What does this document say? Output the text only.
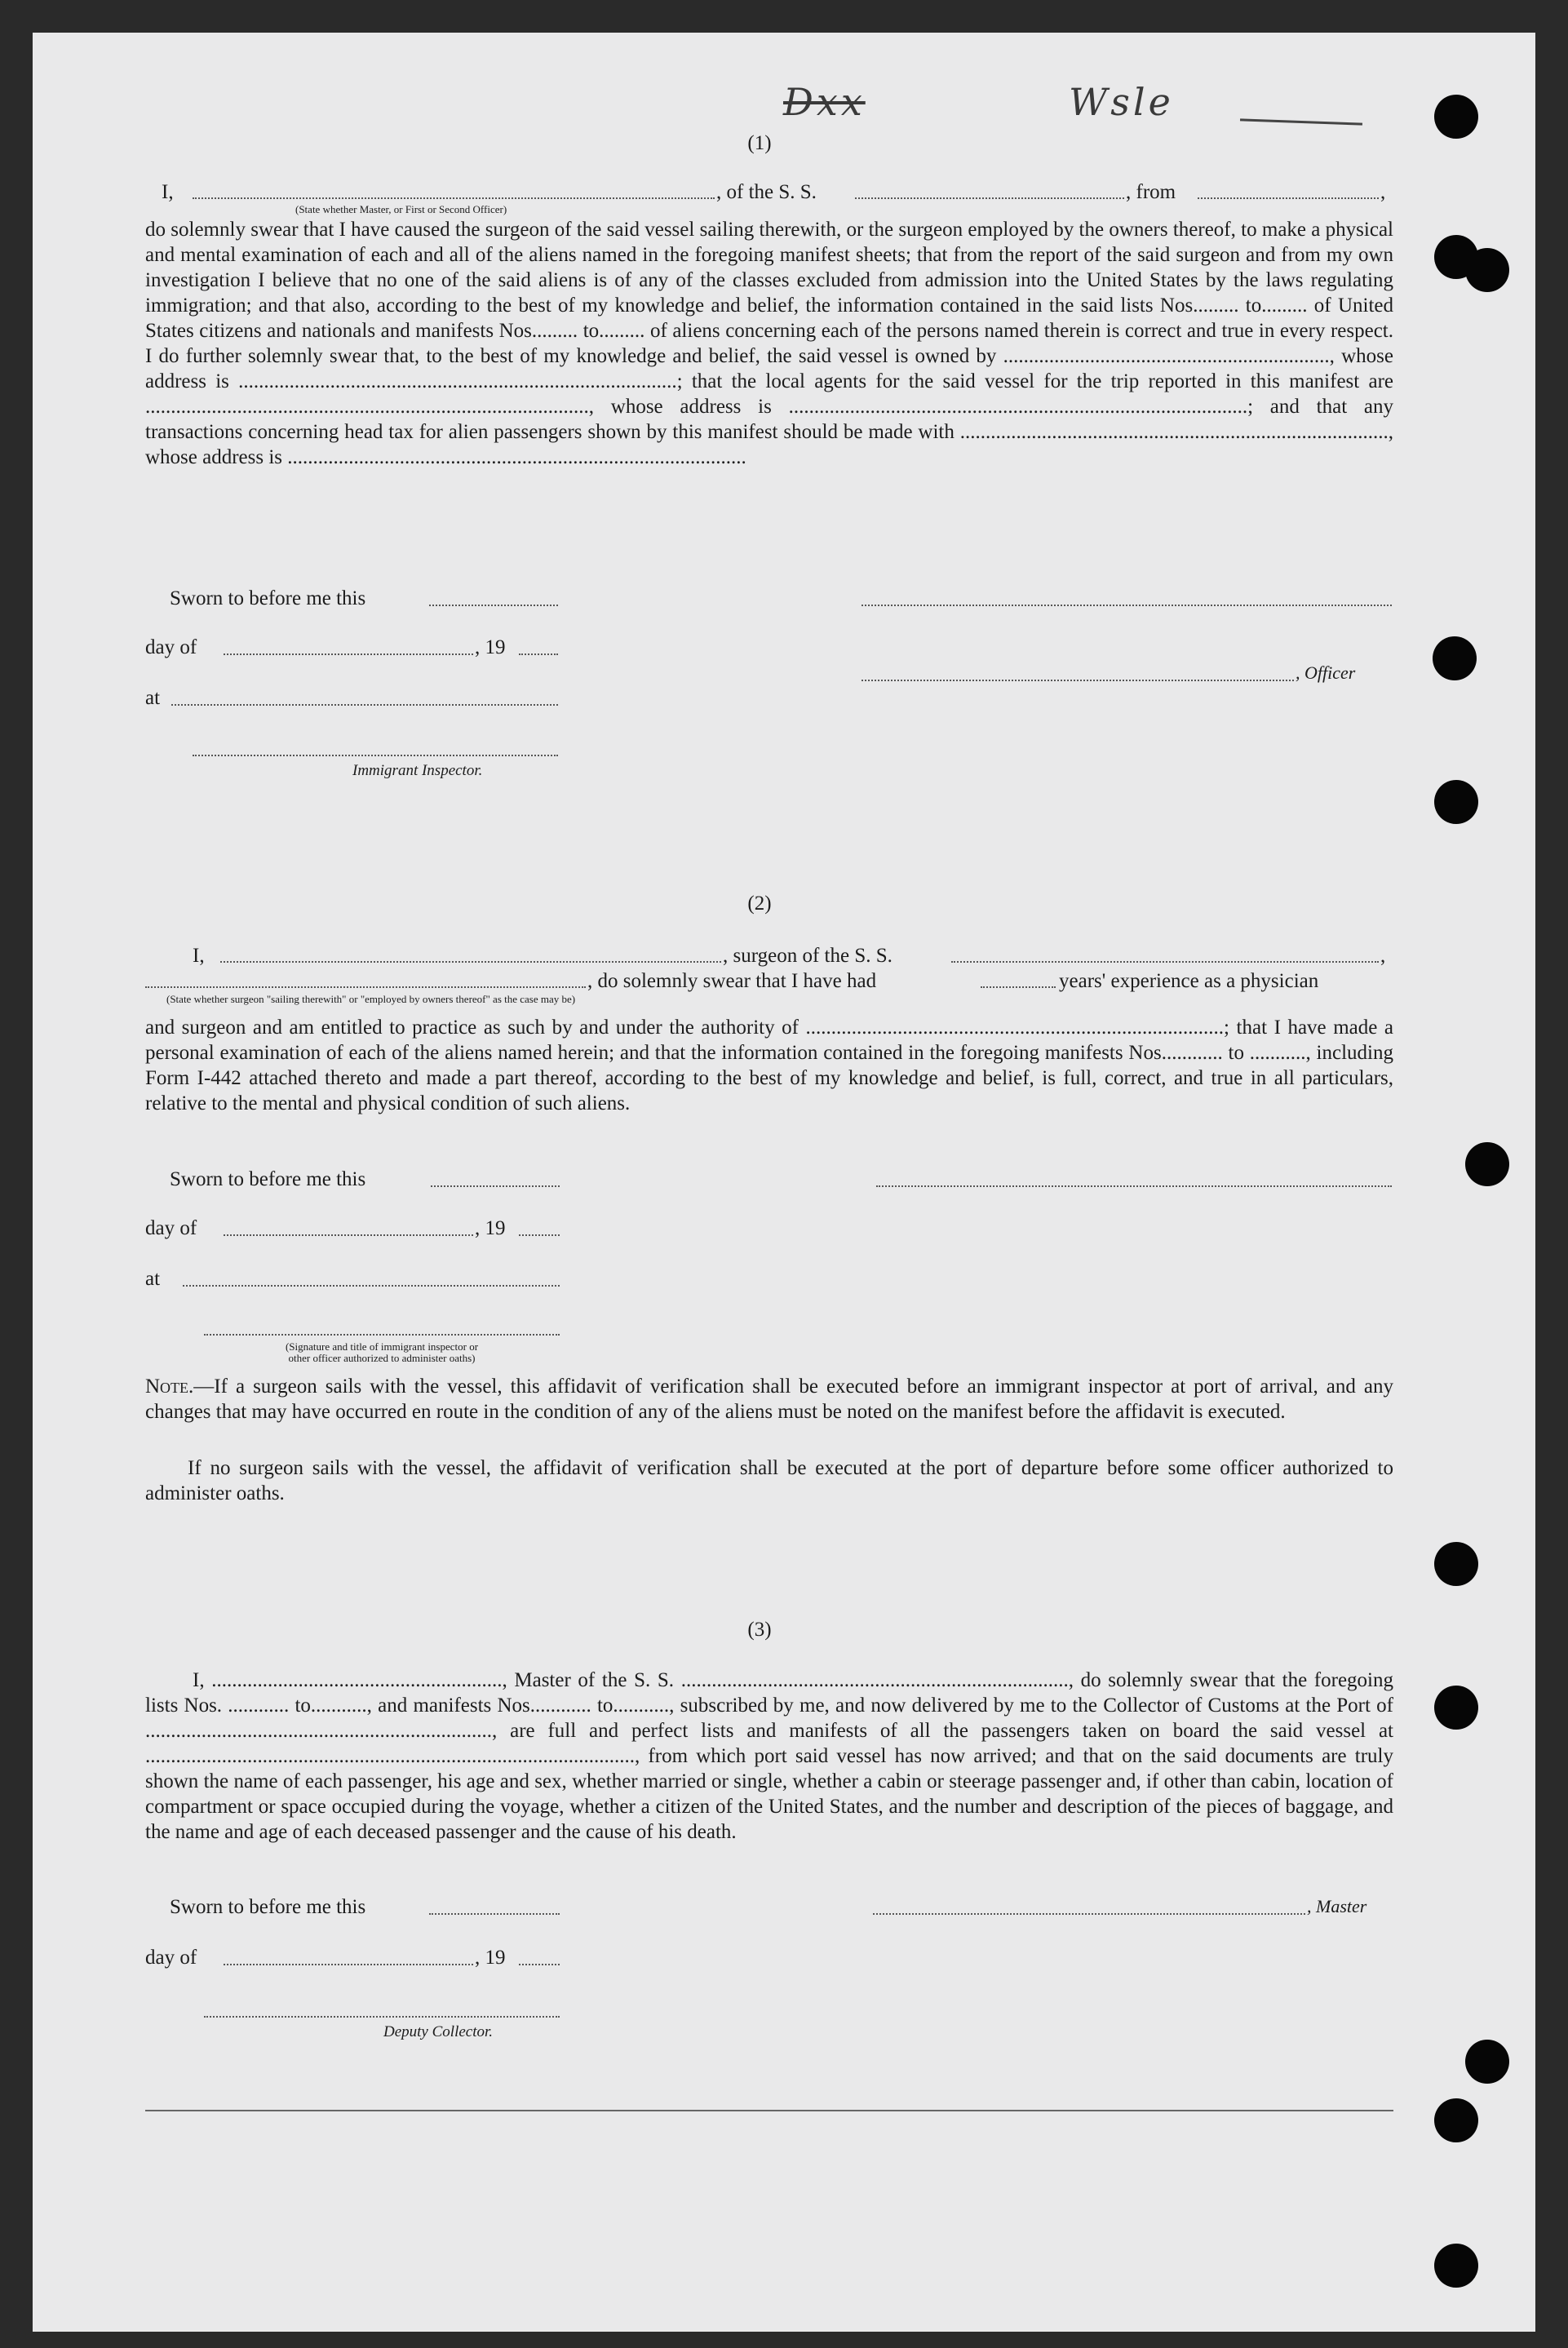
Dxx	Wsle
(1)
I,	, of the S. S.	, from	,
(State whether Master, or First or Second Officer)
do solemnly swear that I have caused the surgeon of the said vessel sailing therewith, or the surgeon employed by the owners thereof, to make a physical and mental examination of each and all of the aliens named in the foregoing manifest sheets; that from the report of the said surgeon and from my own investigation I believe that no one of the said aliens is of any of the classes excluded from admission into the United States by the laws regulating immigration; and that also, according to the best of my knowledge and belief, the information contained in the said lists Nos......... to......... of United States citizens and nationals and manifests Nos......... to......... of aliens concerning each of the persons named therein is correct and true in every respect. I do further solemnly swear that, to the best of my knowledge and belief, the said vessel is owned by ................................................................, whose address is ......................................................................................; that the local agents for the said vessel for the trip reported in this manifest are ......................................................................................., whose address is ..........................................................................................; and that any transactions concerning head tax for alien passengers shown by this manifest should be made with ...................................................................................., whose address is ..........................................................................................
Sworn to before me this
day of	, 19
at
, Officer
Immigrant Inspector.
(2)
I,	, surgeon of the S. S.	,
, do solemnly swear that I have had	years' experience as a physician
(State whether surgeon "sailing therewith" or "employed by owners thereof" as the case may be)
and surgeon and am entitled to practice as such by and under the authority of ..................................................................................; that I have made a personal examination of each of the aliens named herein; and that the information contained in the foregoing manifests Nos............ to ..........., including Form I-442 attached thereto and made a part thereof, according to the best of my knowledge and belief, is full, correct, and true in all particulars, relative to the mental and physical condition of such aliens.
Sworn to before me this
day of	, 19
at
(Signature and title of immigrant inspector or
other officer authorized to administer oaths)
Note.—If a surgeon sails with the vessel, this affidavit of verification shall be executed before an immigrant inspector at port of arrival, and any changes that may have occurred en route in the condition of any of the aliens must be noted on the manifest before the affidavit is executed.
If no surgeon sails with the vessel, the affidavit of verification shall be executed at the port of departure before some officer authorized to administer oaths.
(3)
I, ........................................................., Master of the S. S. ............................................................................, do solemnly swear that the foregoing lists Nos. ............ to..........., and manifests Nos............ to..........., subscribed by me, and now delivered by me to the Collector of Customs at the Port of ...................................................................., are full and perfect lists and manifests of all the passengers taken on board the said vessel at ................................................................................................, from which port said vessel has now arrived; and that on the said documents are truly shown the name of each passenger, his age and sex, whether married or single, whether a cabin or steerage passenger and, if other than cabin, location of compartment or space occupied during the voyage, whether a citizen of the United States, and the number and description of the pieces of baggage, and the name and age of each deceased passenger and the cause of his death.
Sworn to before me this	, Master
day of	, 19
Deputy Collector.
